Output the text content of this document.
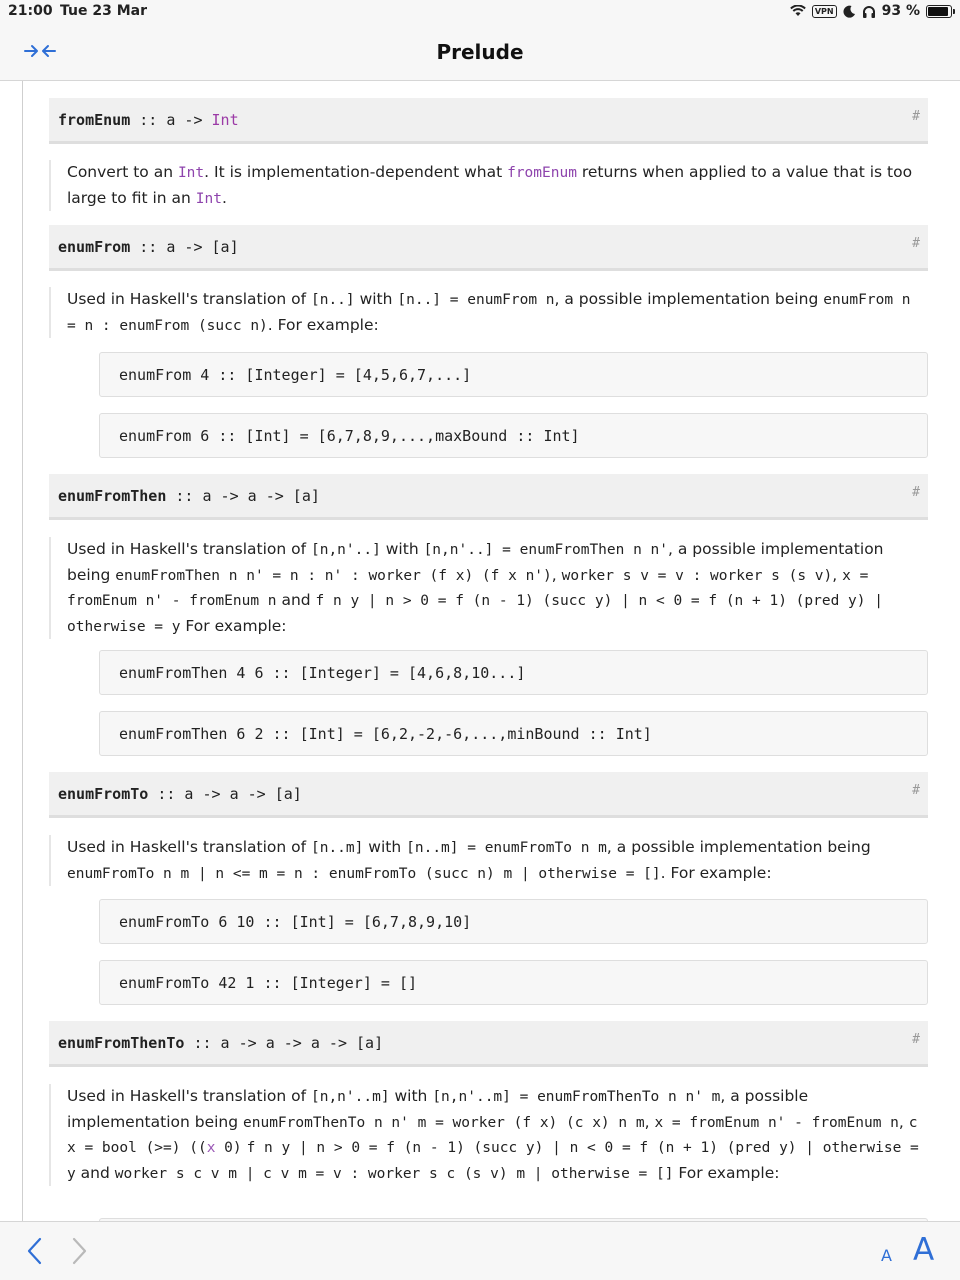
21:00 Tue 23 Mar	VPN	93 %
Prelude
fromEnum :: a -> Int	#
Convert to an Int. It is implementation-dependent what fromEnum returns when applied to a value that is too large to fit in an Int.
enumFrom :: a -> [a]	#
Used in Haskell's translation of [n..] with [n..] = enumFrom n, a possible implementation being enumFrom n = n : enumFrom (succ n). For example:
enumFrom 4 :: [Integer] = [4,5,6,7,...]
enumFrom 6 :: [Int] = [6,7,8,9,...,maxBound :: Int]
enumFromThen :: a -> a -> [a]	#
Used in Haskell's translation of [n,n'..] with [n,n'..] = enumFromThen n n', a possible implementation being enumFromThen n n' = n : n' : worker (f x) (f x n'), worker s v = v : worker s (s v), x = fromEnum n' - fromEnum n and f n y | n > 0 = f (n - 1) (succ y) | n < 0 = f (n + 1) (pred y) | otherwise = y For example:
enumFromThen 4 6 :: [Integer] = [4,6,8,10...]
enumFromThen 6 2 :: [Int] = [6,2,-2,-6,...,minBound :: Int]
enumFromTo :: a -> a -> [a]	#
Used in Haskell's translation of [n..m] with [n..m] = enumFromTo n m, a possible implementation being enumFromTo n m | n <= m = n : enumFromTo (succ n) m | otherwise = []. For example:
enumFromTo 6 10 :: [Int] = [6,7,8,9,10]
enumFromTo 42 1 :: [Integer] = []
enumFromThenTo :: a -> a -> a -> [a]	#
Used in Haskell's translation of [n,n'..m] with [n,n'..m] = enumFromThenTo n n' m, a possible implementation being enumFromThenTo n n' m = worker (f x) (c x) n m, x = fromEnum n' - fromEnum n, c x = bool (>=) ((x 0) f n y | n > 0 = f (n - 1) (succ y) | n < 0 = f (n + 1) (pred y) | otherwise = y and worker s c v m | c v m = v : worker s c (s v) m | otherwise = [] For example:
A A
